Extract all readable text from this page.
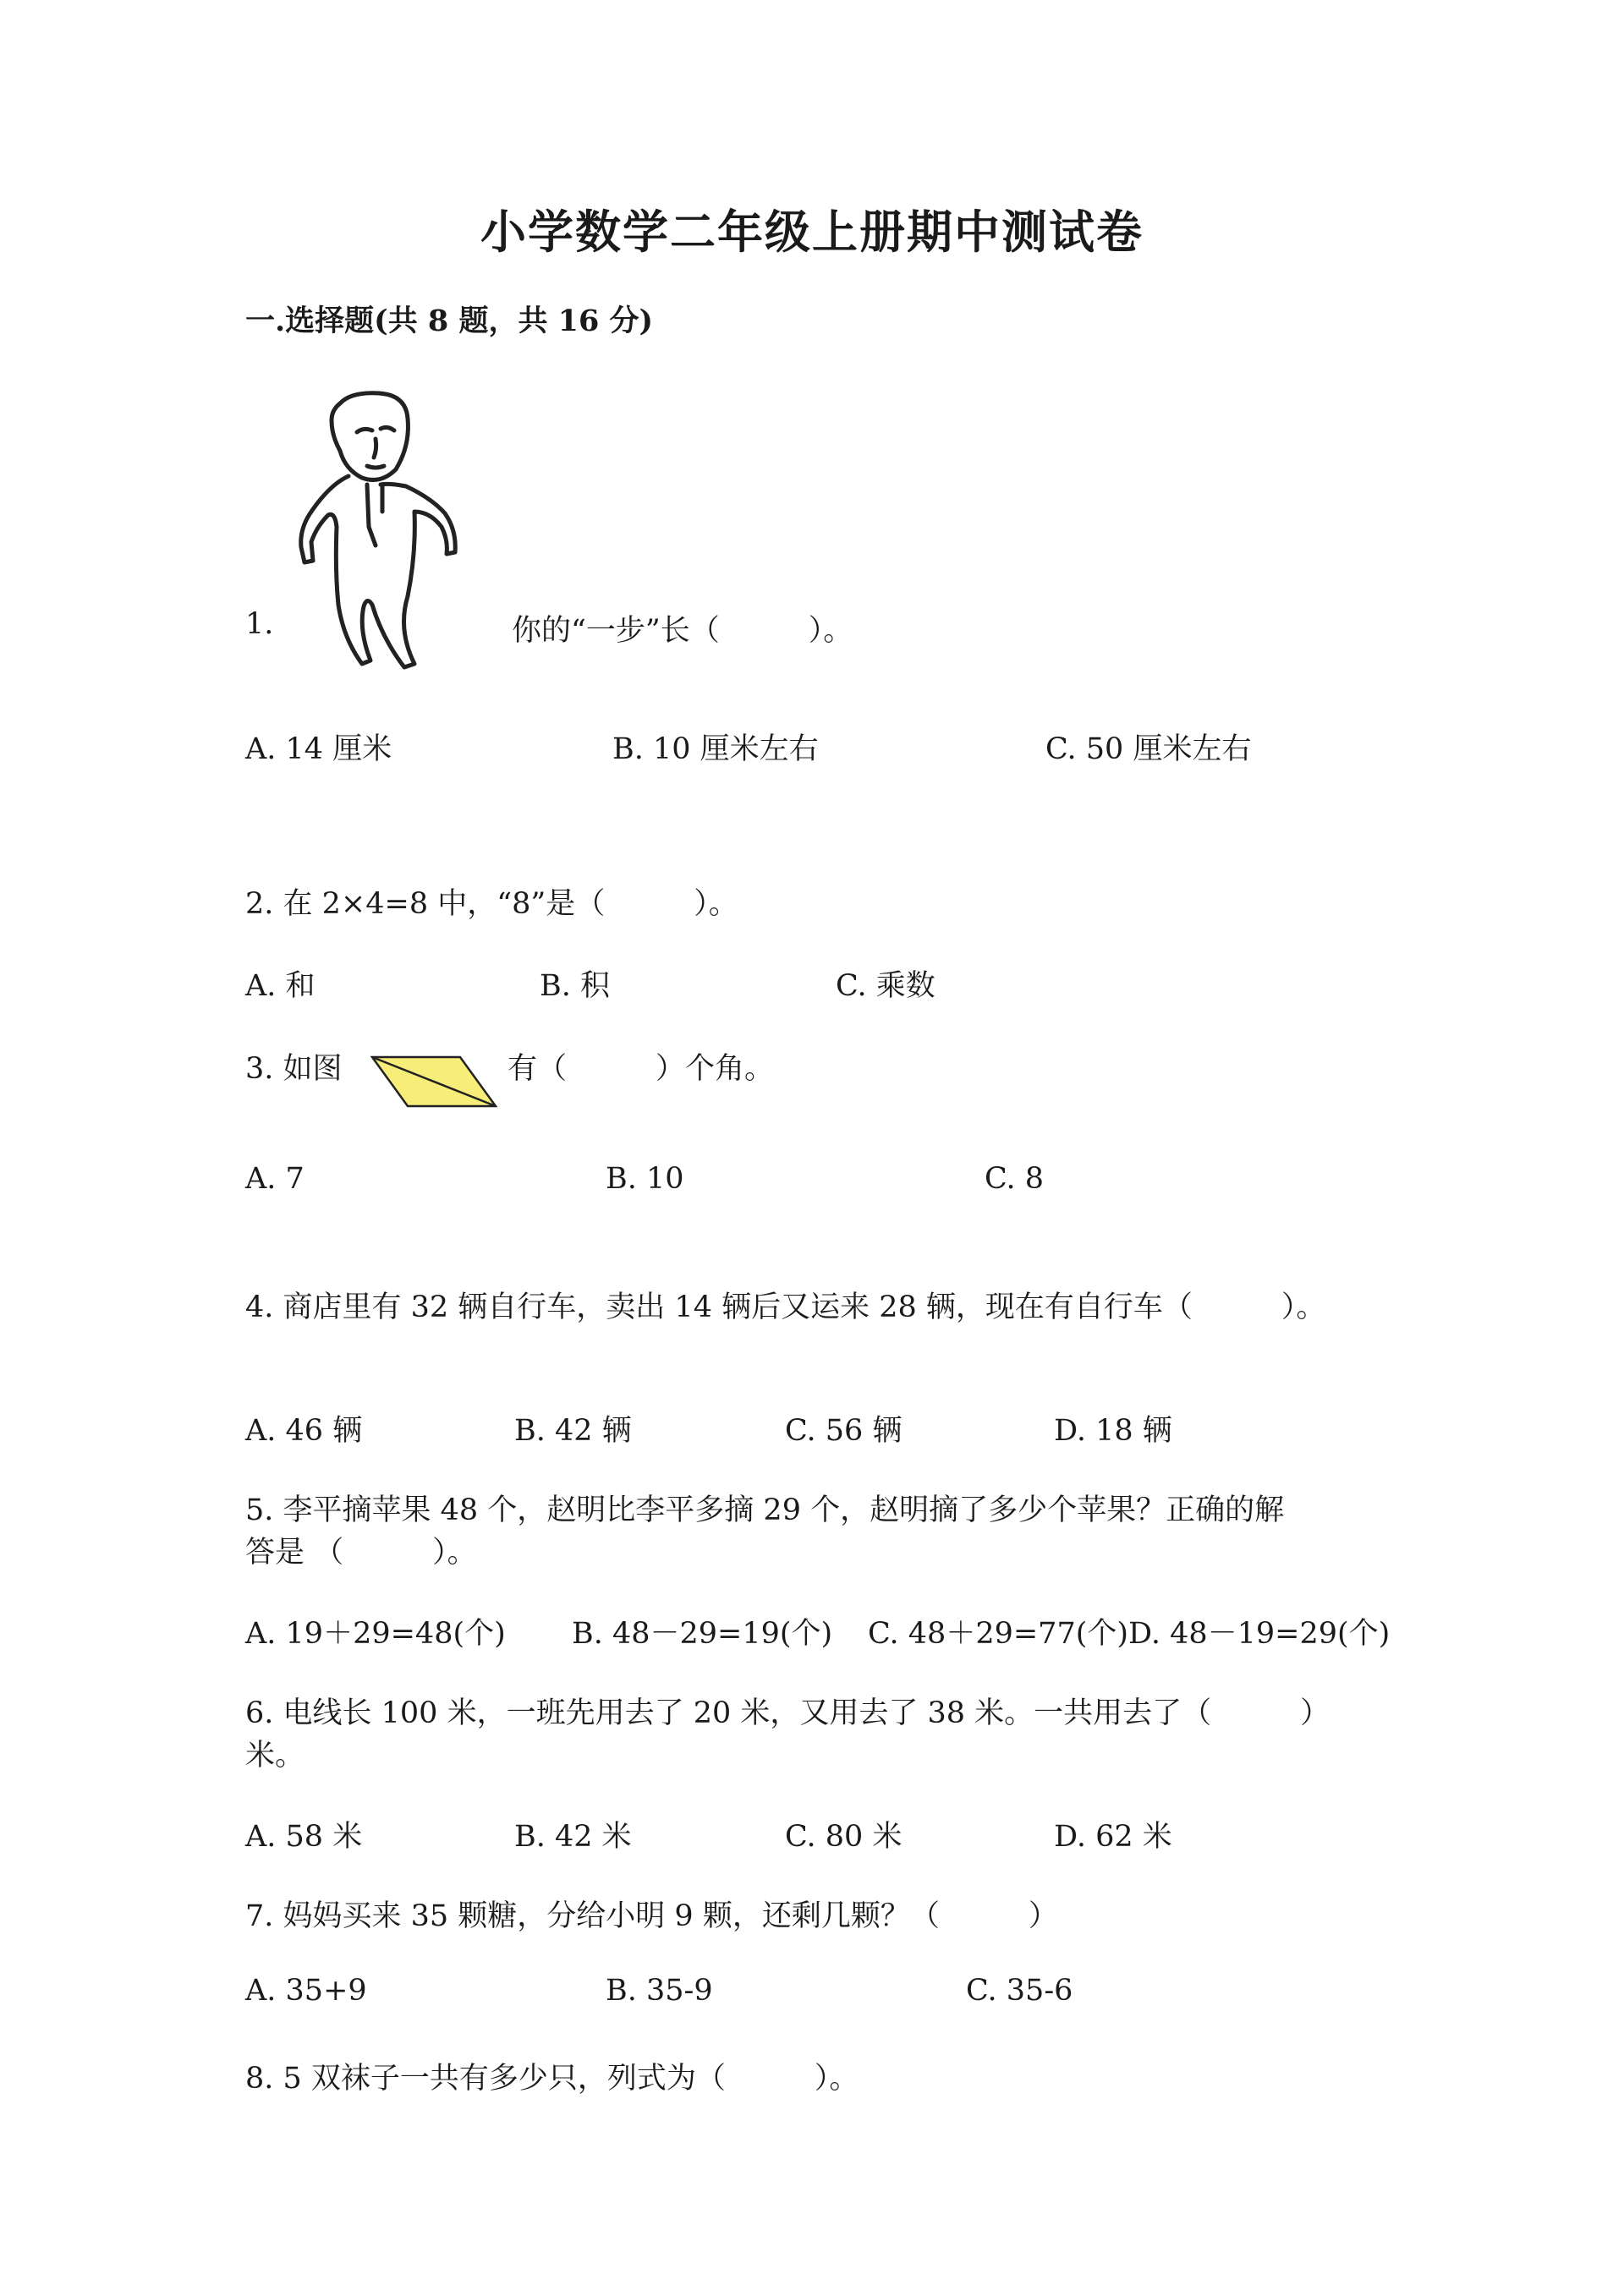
小学数学二年级上册期中测试卷
一.选择题(共 8 题，共 16 分)
1.	你的“一步”长（　　　）。
A. 14 厘米	B. 10 厘米左右	C. 50 厘米左右
2. 在 2×4=8 中，“8”是（　　　）。
A. 和	B. 积	C. 乘数
3. 如图	有（　　　）个角。
A. 7	B. 10	C. 8
4. 商店里有 32 辆自行车，卖出 14 辆后又运来 28 辆，现在有自行车（　　　）。
A. 46 辆	B. 42 辆	C. 56 辆	D. 18 辆
5. 李平摘苹果 48 个，赵明比李平多摘 29 个，赵明摘了多少个苹果？正确的解
答是 （　　　）。
A. 19＋29=48(个) B. 48－29=19(个) C. 48＋29=77(个) D. 48－19=29(个)
6. 电线长 100 米，一班先用去了 20 米，又用去了 38 米。一共用去了（　　　）
米。
A. 58 米	B. 42 米	C. 80 米	D. 62 米
7. 妈妈买来 35 颗糖，分给小明 9 颗，还剩几颗？（　　　）
A. 35+9	B. 35-9	C. 35-6
8. 5 双袜子一共有多少只，列式为（　　　）。
